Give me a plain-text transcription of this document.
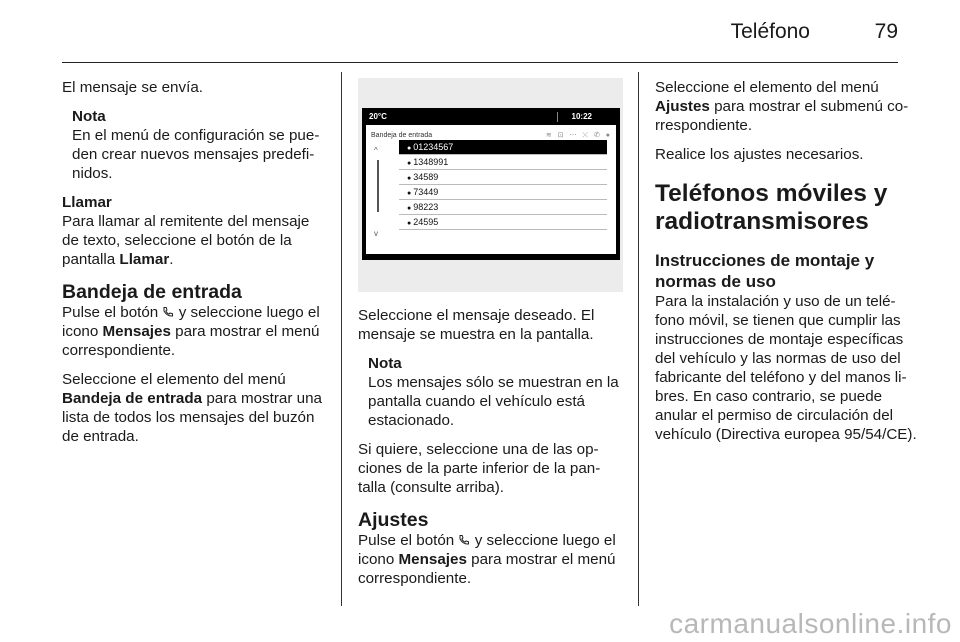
Teléfono	79

El mensaje se envía.

Nota
En el menú de configuración se pue-den crear nuevos mensajes predefi-nidos.
Llamar

Para llamar al remitente del mensaje de texto, seleccione el botón de la pantalla Llamar.

Bandeja de entrada

Pulse el botón  y seleccione luego el icono Mensajes para mostrar el menú correspondiente.

Seleccione el elemento del menú Bandeja de entrada para mostrar una lista de todos los mensajes del buzón de entrada.

20°C	10:22
Bandeja de entrada	≋ ⊡ ⋯ ⤬ ✆ ●
^
v
● 01234567
● 1348991
● 34589
● 73449
● 98223
● 24595

Seleccione el mensaje deseado. El mensaje se muestra en la pantalla.

Nota
Los mensajes sólo se muestran en la pantalla cuando el vehículo está estacionado.

Si quiere, seleccione una de las op-ciones de la parte inferior de la pan-talla (consulte arriba).

Ajustes

Pulse el botón  y seleccione luego el icono Mensajes para mostrar el menú correspondiente.

Seleccione el elemento del menú Ajustes para mostrar el submenú co-rrespondiente.

Realice los ajustes necesarios.

Teléfonos móviles y radiotransmisores
Instrucciones de montaje y normas de uso

Para la instalación y uso de un telé-fono móvil, se tienen que cumplir las instrucciones de montaje específicas del vehículo y las normas de uso del fabricante del teléfono y del manos li-bres. En caso contrario, se puede anular el permiso de circulación del vehículo (Directiva europea 95/54/CE).

carmanualsonline.info
